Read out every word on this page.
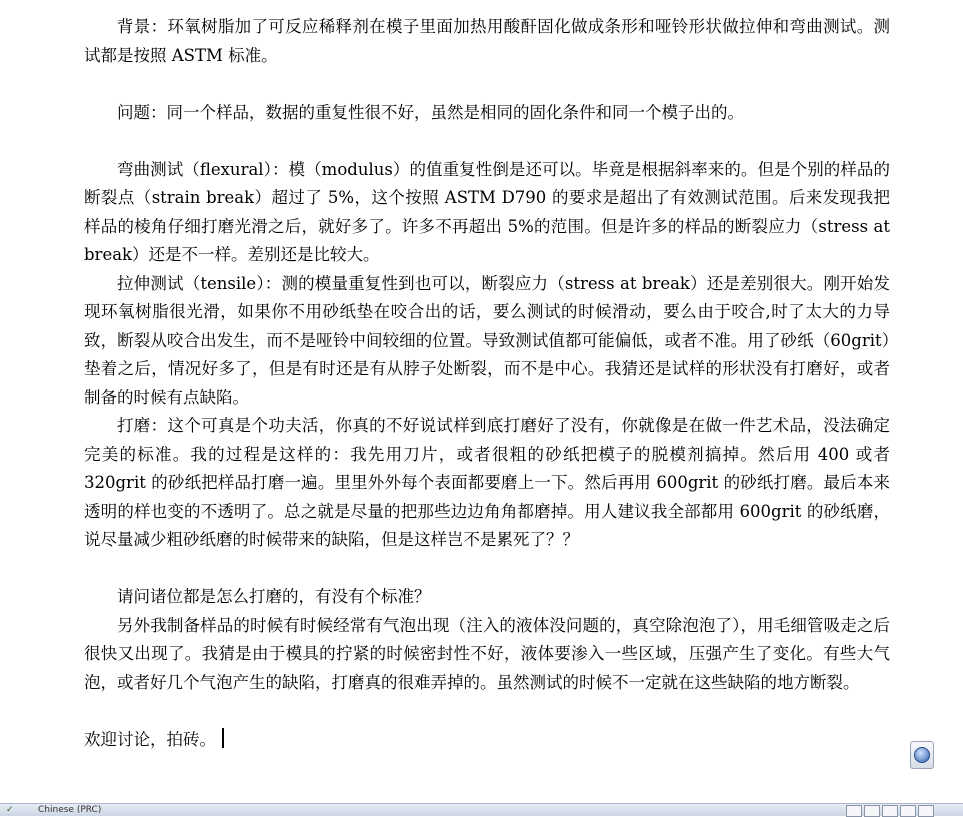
背景：环氧树脂加了可反应稀释剂在模子里面加热用酸酐固化做成条形和哑铃形状做拉伸和弯曲测试。测试都是按照 ASTM 标准。

问题：同一个样品，数据的重复性很不好，虽然是相同的固化条件和同一个模子出的。

弯曲测试（flexural）：模（modulus）的值重复性倒是还可以。毕竟是根据斜率来的。但是个别的样品的断裂点（strain break）超过了 5%，这个按照 ASTM D790 的要求是超出了有效测试范围。后来发现我把样品的棱角仔细打磨光滑之后，就好多了。许多不再超出 5%的范围。但是许多的样品的断裂应力（stress at break）还是不一样。差别还是比较大。

拉伸测试（tensile）：测的模量重复性到也可以，断裂应力（stress at break）还是差别很大。刚开始发现环氧树脂很光滑，如果你不用砂纸垫在咬合出的话，要么测试的时候滑动，要么由于咬合,时了太大的力导致，断裂从咬合出发生，而不是哑铃中间较细的位置。导致测试值都可能偏低，或者不准。用了砂纸（60grit）垫着之后，情况好多了，但是有时还是有从脖子处断裂，而不是中心。我猜还是试样的形状没有打磨好，或者制备的时候有点缺陷。

打磨：这个可真是个功夫活，你真的不好说试样到底打磨好了没有，你就像是在做一件艺术品，没法确定完美的标准。我的过程是这样的：我先用刀片，或者很粗的砂纸把模子的脱模剂搞掉。然后用 400 或者 320grit 的砂纸把样品打磨一遍。里里外外每个表面都要磨上一下。然后再用 600grit 的砂纸打磨。最后本来透明的样也变的不透明了。总之就是尽量的把那些边边角角都磨掉。用人建议我全部都用 600grit 的砂纸磨，说尽量减少粗砂纸磨的时候带来的缺陷，但是这样岂不是累死了？？

请问诸位都是怎么打磨的，有没有个标准？

另外我制备样品的时候有时候经常有气泡出现（注入的液体没问题的，真空除泡泡了），用毛细管吸走之后很快又出现了。我猜是由于模具的拧紧的时候密封性不好，液体要渗入一些区域，压强产生了变化。有些大气泡，或者好几个气泡产生的缺陷，打磨真的很难弄掉的。虽然测试的时候不一定就在这些缺陷的地方断裂。

欢迎讨论，拍砖。

✓	Chinese (PRC)
